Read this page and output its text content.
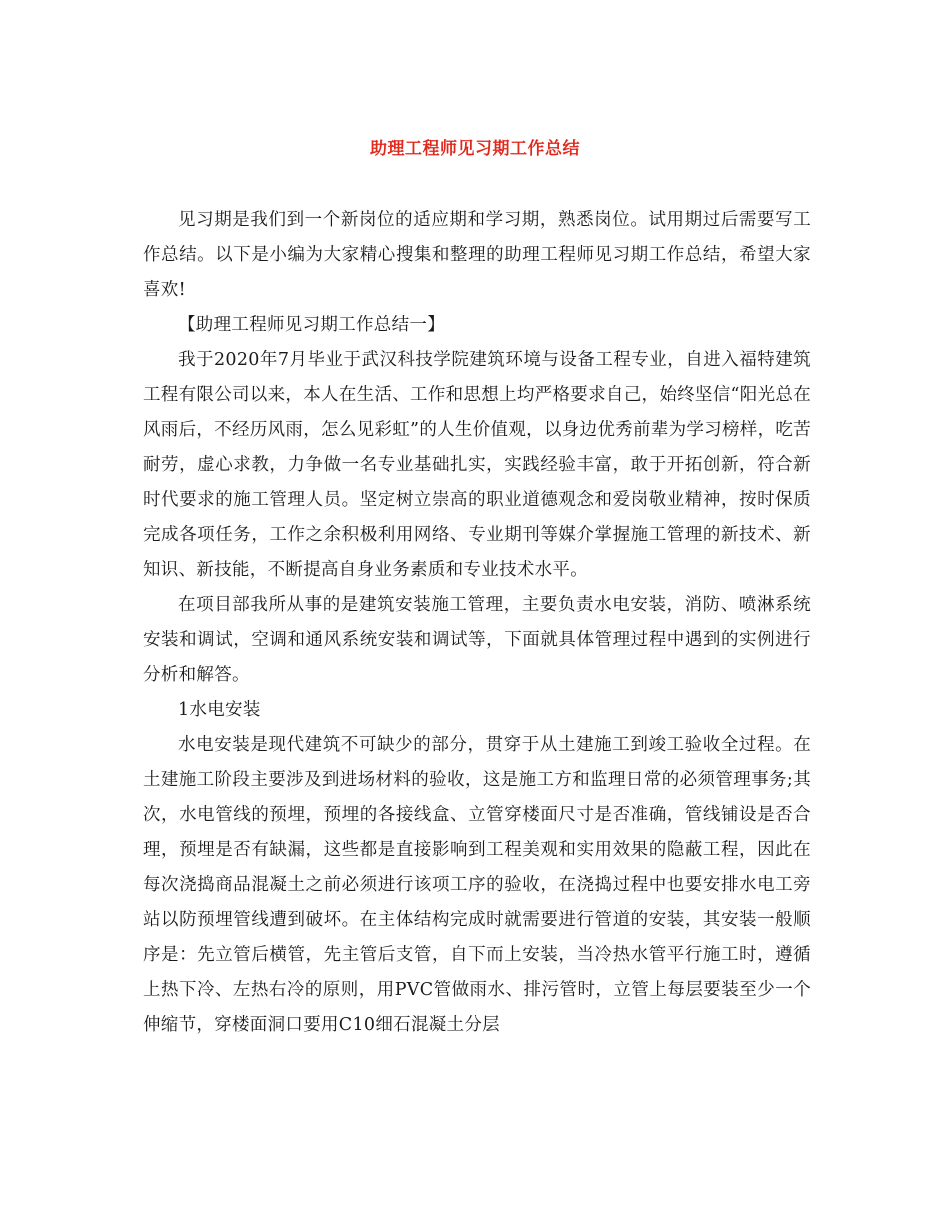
助理工程师见习期工作总结

见习期是我们到一个新岗位的适应期和学习期，熟悉岗位。试用期过后需要写工作总结。以下是小编为大家精心搜集和整理的助理工程师见习期工作总结，希望大家喜欢!

【助理工程师见习期工作总结一】

我于2020年7月毕业于武汉科技学院建筑环境与设备工程专业，自进入福特建筑工程有限公司以来，本人在生活、工作和思想上均严格要求自己，始终坚信“阳光总在风雨后，不经历风雨，怎么见彩虹”的人生价值观，以身边优秀前辈为学习榜样，吃苦耐劳，虚心求教，力争做一名专业基础扎实，实践经验丰富，敢于开拓创新，符合新时代要求的施工管理人员。坚定树立崇高的职业道德观念和爱岗敬业精神，按时保质完成各项任务，工作之余积极利用网络、专业期刊等媒介掌握施工管理的新技术、新知识、新技能，不断提高自身业务素质和专业技术水平。

在项目部我所从事的是建筑安装施工管理，主要负责水电安装，消防、喷淋系统安装和调试，空调和通风系统安装和调试等，下面就具体管理过程中遇到的实例进行分析和解答。

1水电安装

水电安装是现代建筑不可缺少的部分，贯穿于从土建施工到竣工验收全过程。在土建施工阶段主要涉及到进场材料的验收，这是施工方和监理日常的必须管理事务;其次，水电管线的预埋，预埋的各接线盒、立管穿楼面尺寸是否准确，管线铺设是否合理，预埋是否有缺漏，这些都是直接影响到工程美观和实用效果的隐蔽工程，因此在每次浇捣商品混凝土之前必须进行该项工序的验收，在浇捣过程中也要安排水电工旁站以防预埋管线遭到破坏。在主体结构完成时就需要进行管道的安装，其安装一般顺序是：先立管后横管，先主管后支管，自下而上安装，当冷热水管平行施工时，遵循上热下冷、左热右冷的原则，用PVC管做雨水、排污管时，立管上每层要装至少一个伸缩节，穿楼面洞口要用C10细石混凝土分层
